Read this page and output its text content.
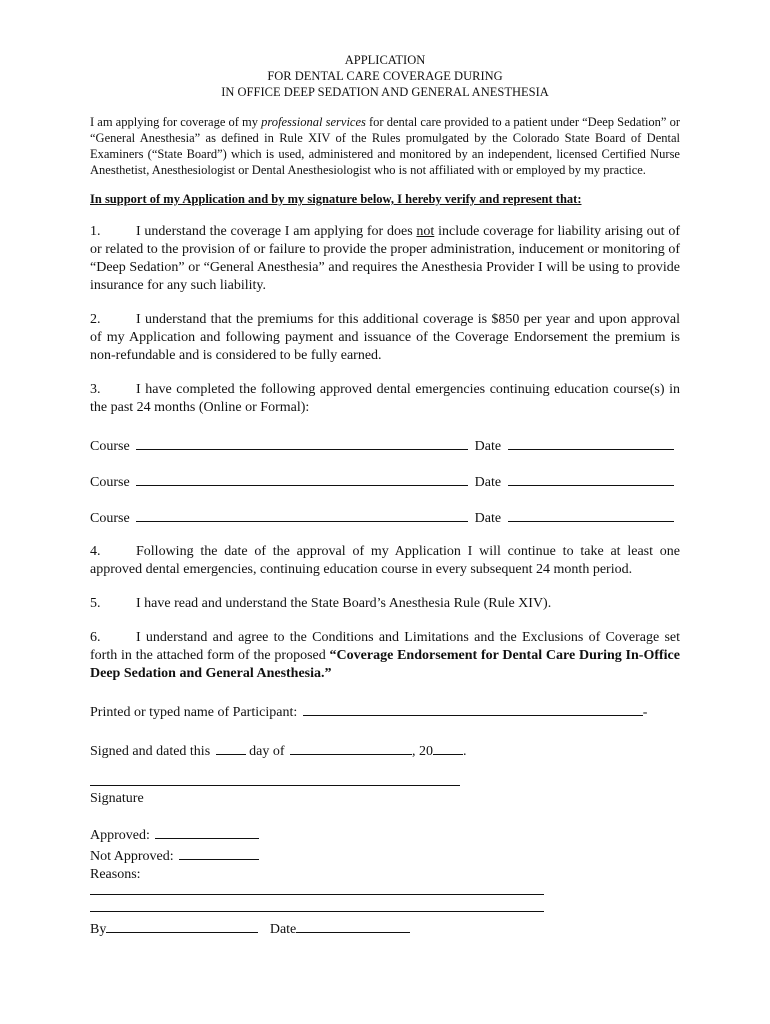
APPLICATION
FOR DENTAL CARE COVERAGE DURING
IN OFFICE DEEP SEDATION AND GENERAL ANESTHESIA
I am applying for coverage of my professional services for dental care provided to a patient under “Deep Sedation” or “General Anesthesia” as defined in Rule XIV of the Rules promulgated by the Colorado State Board of Dental Examiners (“State Board”) which is used, administered and monitored by an independent, licensed Certified Nurse Anesthetist, Anesthesiologist or Dental Anesthesiologist who is not affiliated with or employed by my practice.
In support of my Application and by my signature below, I hereby verify and represent that:
1.	I understand the coverage I am applying for does not include coverage for liability arising out of or related to the provision of or failure to provide the proper administration, inducement or monitoring of “Deep Sedation” or “General Anesthesia” and requires the Anesthesia Provider I will be using to provide insurance for any such liability.
2.	I understand that the premiums for this additional coverage is $850 per year and upon approval of my Application and following payment and issuance of the Coverage Endorsement the premium is non-refundable and is considered to be fully earned.
3.	I have completed the following approved dental emergencies continuing education course(s) in the past 24 months (Online or Formal):
Course	Date
Course	Date
Course	Date
4.	Following the date of the approval of my Application I will continue to take at least one approved dental emergencies, continuing education course in every subsequent 24 month period.
5.	I have read and understand the State Board’s Anesthesia Rule (Rule XIV).
6.	I understand and agree to the Conditions and Limitations and the Exclusions of Coverage set forth in the attached form of the proposed “Coverage Endorsement for Dental Care During In-Office Deep Sedation and General Anesthesia.”
Printed or typed name of Participant:	-
Signed and dated this	day of	, 20 .
Signature
Approved:
Not Approved:
Reasons:
By	Date
